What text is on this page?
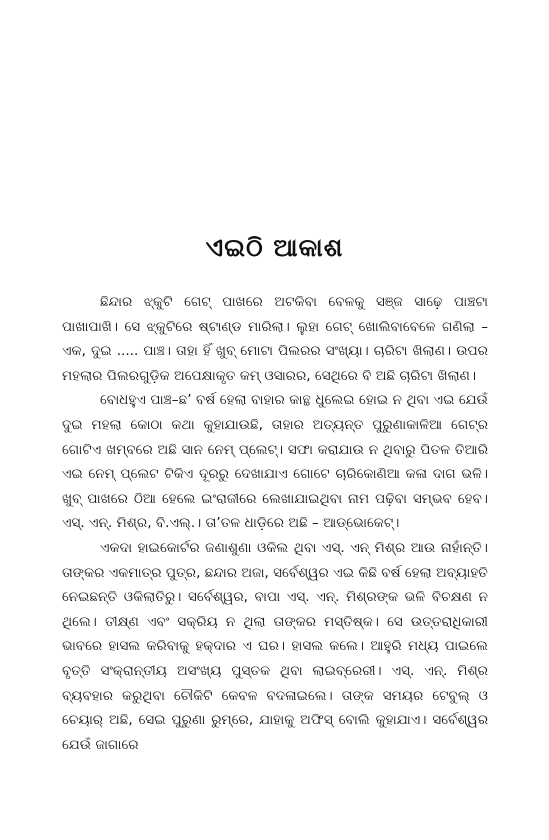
ଏଇଠି ଆକାଶ

ଛିନ୍ଦାର ଝ୍କୁଟି ଗେଟ୍ ପାଖରେ ଅଟକିବା ବେଳକୁ ସଞ୍ଜ ସାଢ଼େ ପାଞ୍ଚଟା ପାଖାପାଖି। ସେ ଝ୍କୁଟିରେ ଷ୍ଟାଣ୍ଡ ମାରିଲା। ଲୁହା ଗେଟ୍ ଖୋଲିବାବେଳେ ଗଣିଲା – ଏକ, ଦୁଇ ..... ପାଞ୍ଚ। ତାହା ହିଁ ଖୁବ୍ ମୋଟା ପିଲରର ସଂଖ୍ୟା। ଚାରିଟା ଖିଲାଣ। ଉପର ମହଲାର ପିଲରଗୁଡ଼ିକ ଅପେକ୍ଷାକୃତ କମ୍ ଓସାରର, ସେଥିରେ ବି ଅଛି ଚାରିଟା ଖିଲାଣ।

ବୋଧହୁଏ ପାଞ୍ଚ–ଛ’ ବର୍ଷ ହେଲା ବାହାର କାନ୍ଥ ଧୁଲେଇ ହୋଇ ନ ଥିବା ଏଇ ଯେଉଁ ଦୁଇ ମହଲା କୋଠା କଥା କୁହାଯାଉଛି, ତାହାର ଅତ୍ୟନ୍ତ ପୁରୁଣାକାଳିଆ ଗେଟ୍‌ର ଗୋଟିଏ ଖମ୍ବରେ ଅଛି ସାନ ନେମ୍ ପ୍ଲେଟ୍। ସଫା କରାଯାଉ ନ ଥିବାରୁ ପିତଳ ତିଆରି ଏଇ ନେମ୍ ପ୍ଲେଟ ଟିକିଏ ଦୂରରୁ ଦେଖାଯାଏ ଗୋଟେ ଚାରିକୋଣିଆ କଳା ଦାଗ ଭଳି। ଖୁବ୍ ପାଖରେ ଠିଆ ହେଲେ ଇଂରାଜୀରେ ଲେଖାଯାଇଥିବା ନାମ ପଢ଼ିବା ସମ୍ଭବ ହେବ। ଏସ୍. ଏନ୍. ମିଶ୍ର, ବି.ଏଲ୍.। ତା’ତଳ ଧାଡ଼ିରେ ଅଛି – ଆଡ୍‌ଭୋକେଟ୍।

ଏକଦା ହାଇକୋର୍ଟର ଜଣାଶୁଣା ଓକିଲ ଥିବା ଏସ୍. ଏନ୍ ମିଶ୍ର ଆଉ ନାହାଁନ୍ତି। ତାଙ୍କର ଏକମାତ୍ର ପୁତ୍ର, ଛନ୍ଦାର ଅଜା, ସର୍ବେଶ୍ୱର ଏଇ କିଛି ବର୍ଷ ହେଲା ଅବ୍ୟାହତି ନେଇଛନ୍ତି ଓକିଲାତିରୁ। ସର୍ବେଶ୍ୱର, ବାପା ଏସ୍. ଏନ୍. ମିଶ୍ରଙ୍କ ଭଳି ବିଚକ୍ଷଣ ନ ଥିଲେ। ତୀକ୍ଷ୍ଣ ଏବଂ ସକ୍ରିୟ ନ ଥିଲା ତାଙ୍କର ମସ୍ତିଷ୍କ। ସେ ଉତ୍ତରାଧିକାରୀ ଭାବରେ ହାସଲ କରିବାକୁ ହକ୍‌ଦାର ଏ ଘର। ହାସଲ କଲେ। ଆହୁରି ମଧ୍ୟ ପାଇଲେ ବୃତ୍ତି ସଂକ୍ରାନ୍ତୀୟ ଅସଂଖ୍ୟ ପୁସ୍ତକ ଥିବା ଲାଇବ୍ରେରୀ। ଏସ୍. ଏନ୍. ମିଶ୍ର ବ୍ୟବହାର କରୁଥିବା ଚୌକିଟି କେବଳ ବଦଳାଇଲେ। ତାଙ୍କ ସମୟର ଟେବୁଲ୍ ଓ ଚେୟାର୍ ଅଛି, ସେଇ ପୁରୁଣା ରୁମ୍‌ରେ, ଯାହାକୁ ଅଫିସ୍ ବୋଲି କୁହାଯାଏ। ସର୍ବେଶ୍ୱର ଯେଉଁ ଜାଗାରେ
